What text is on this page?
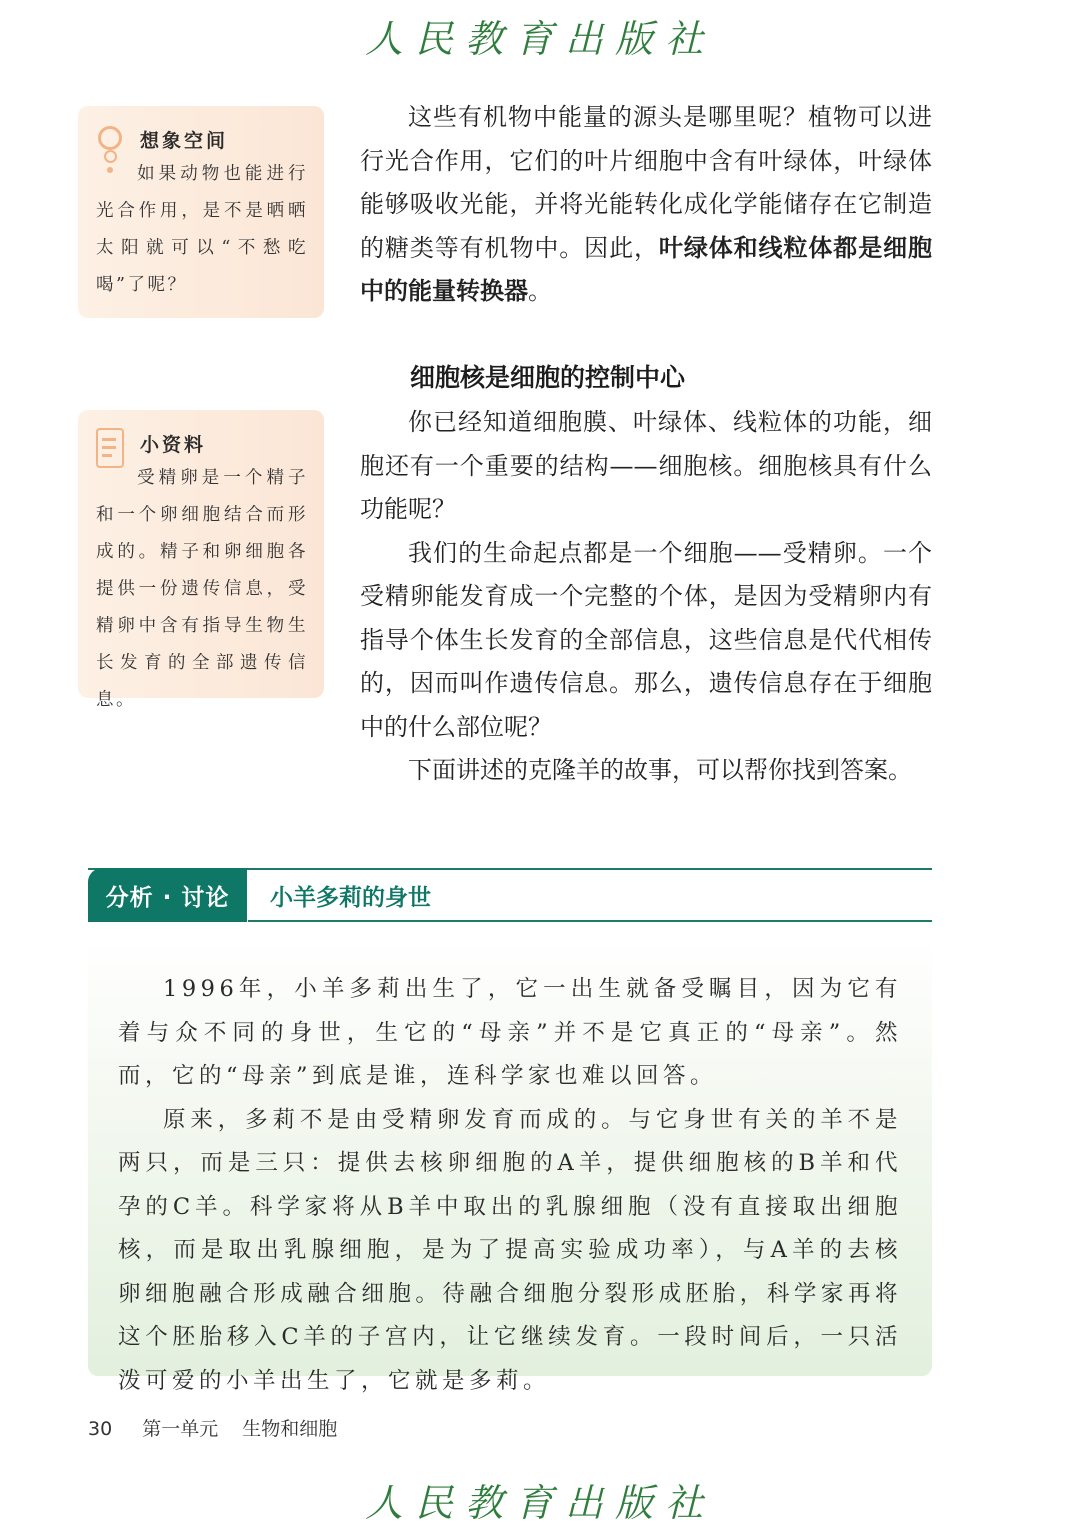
人民教育出版社
想象空间
如果动物也能进行光合作用，是不是晒晒太阳就可以“不愁吃喝”了呢？
小资料
受精卵是一个精子和一个卵细胞结合而形成的。精子和卵细胞各提供一份遗传信息，受精卵中含有指导生物生长发育的全部遗传信息。

这些有机物中能量的源头是哪里呢？植物可以进行光合作用，它们的叶片细胞中含有叶绿体，叶绿体能够吸收光能，并将光能转化成化学能储存在它制造的糖类等有机物中。因此，叶绿体和线粒体都是细胞中的能量转换器。

细胞核是细胞的控制中心

你已经知道细胞膜、叶绿体、线粒体的功能，细胞还有一个重要的结构——细胞核。细胞核具有什么功能呢？

我们的生命起点都是一个细胞——受精卵。一个受精卵能发育成一个完整的个体，是因为受精卵内有指导个体生长发育的全部信息，这些信息是代代相传的，因而叫作遗传信息。那么，遗传信息存在于细胞中的什么部位呢？

下面讲述的克隆羊的故事，可以帮你找到答案。

分析 · 讨论	小羊多莉的身世

1996年，小羊多莉出生了，它一出生就备受瞩目，因为它有着与众不同的身世，生它的“母亲”并不是它真正的“母亲”。然而，它的“母亲”到底是谁，连科学家也难以回答。

原来，多莉不是由受精卵发育而成的。与它身世有关的羊不是两只，而是三只：提供去核卵细胞的A羊，提供细胞核的B羊和代孕的C羊。科学家将从B羊中取出的乳腺细胞（没有直接取出细胞核，而是取出乳腺细胞，是为了提高实验成功率），与A羊的去核卵细胞融合形成融合细胞。待融合细胞分裂形成胚胎，科学家再将这个胚胎移入C羊的子宫内，让它继续发育。一段时间后，一只活泼可爱的小羊出生了，它就是多莉。

30 第一单元 生物和细胞
人民教育出版社
